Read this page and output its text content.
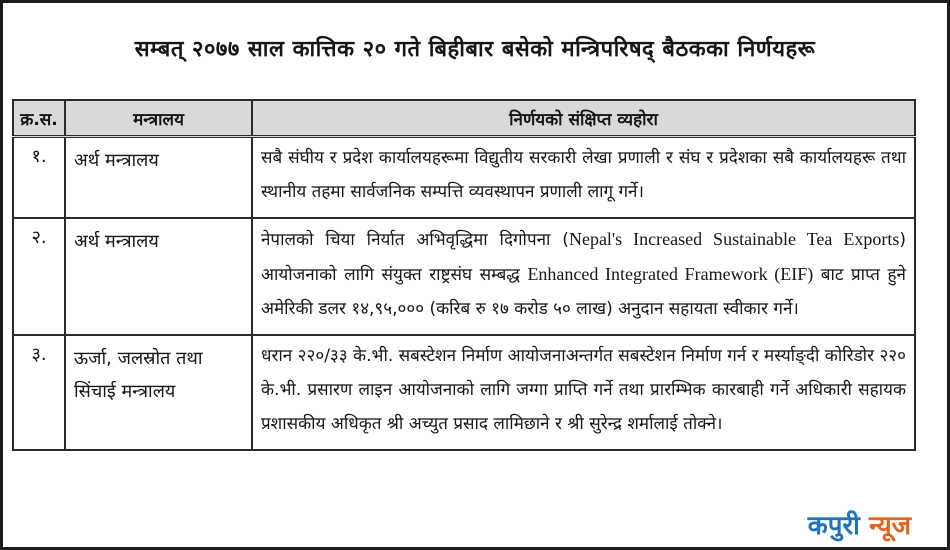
सम्बत् २०७७ साल कात्तिक २० गते बिहीबार बसेको मन्त्रिपरिषद् बैठकका निर्णयहरू
क्र.स.	मन्त्रालय	निर्णयको संक्षिप्त व्यहोरा
१.	अर्थ मन्त्रालय	सबै संघीय र प्रदेश कार्यालयहरूमा विद्युतीय सरकारी लेखा प्रणाली र संघ र प्रदेशका सबै कार्यालयहरू तथा स्थानीय तहमा सार्वजनिक सम्पत्ति व्यवस्थापन प्रणाली लागू गर्ने।
२.	अर्थ मन्त्रालय	नेपालको चिया निर्यात अभिवृद्धिमा दिगोपना (Nepal's Increased Sustainable Tea Exports) आयोजनाको लागि संयुक्त राष्ट्रसंघ सम्बद्ध Enhanced Integrated Framework (EIF) बाट प्राप्त हुने अमेरिकी डलर १४,९५,००० (करिब रु १७ करोड ५० लाख) अनुदान सहायता स्वीकार गर्ने।
३.	ऊर्जा, जलस्रोत तथा सिंचाई मन्त्रालय	धरान २२०/३३ के.भी. सबस्टेशन निर्माण आयोजनाअन्तर्गत सबस्टेशन निर्माण गर्न र मर्स्याङ्दी कोरिडोर २२० के.भी. प्रसारण लाइन आयोजनाको लागि जग्गा प्राप्ति गर्ने तथा प्रारम्भिक कारबाही गर्ने अधिकारी सहायक प्रशासकीय अधिकृत श्री अच्युत प्रसाद लामिछाने र श्री सुरेन्द्र शर्मालाई तोक्ने।
कपुरी न्यूज
